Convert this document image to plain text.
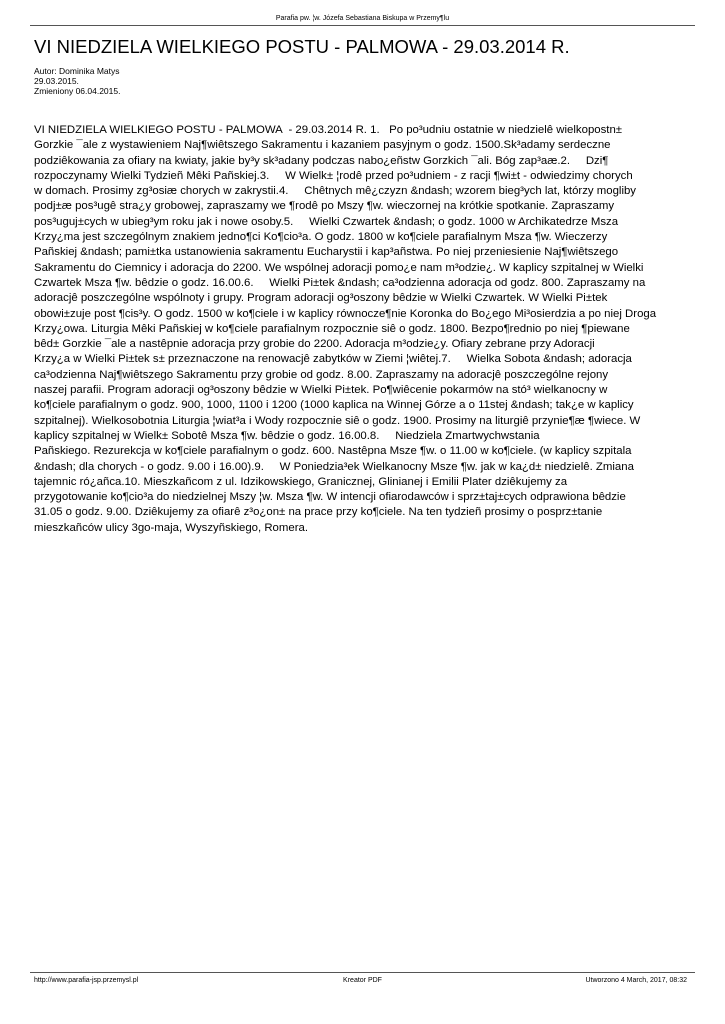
Parafia pw. ¦w. Józefa Sebastiana Biskupa w Przemy¶lu
VI NIEDZIELA WIELKIEGO POSTU - PALMOWA - 29.03.2014 R.
Autor: Dominika Matys
29.03.2015.
Zmieniony 06.04.2015.

VI NIEDZIELA WIELKIEGO POSTU - PALMOWA  - 29.03.2014 R. 1.   Po po³udniu ostatnie w niedzielê wielkopostn±
Gorzkie ¯ale z wystawieniem Naj¶wiêtszego Sakramentu i kazaniem pasyjnym o godz. 1500.Sk³adamy serdeczne
podziêkowania za ofiary na kwiaty, jakie by³y sk³adany podczas nabo¿eñstw Gorzkich ¯ali. Bóg zap³aæ.2.     Dzi¶
rozpoczynamy Wielki Tydzieñ Mêki Pañskiej.3.     W Wielk± ¦rodê przed po³udniem - z racji ¶wi±t - odwiedzimy chorych
w domach. Prosimy zg³osiæ chorych w zakrystii.4.     Chêtnych mê¿czyzn &ndash; wzorem bieg³ych lat, którzy mogliby
podj±æ pos³ugê stra¿y grobowej, zapraszamy we ¶rodê po Mszy ¶w. wieczornej na krótkie spotkanie. Zapraszamy
pos³uguj±cych w ubieg³ym roku jak i nowe osoby.5.     Wielki Czwartek &ndash; o godz. 1000 w Archikatedrze Msza
Krzy¿ma jest szczególnym znakiem jedno¶ci Ko¶cio³a. O godz. 1800 w ko¶ciele parafialnym Msza ¶w. Wieczerzy
Pañskiej &ndash; pami±tka ustanowienia sakramentu Eucharystii i kap³añstwa. Po niej przeniesienie Naj¶wiêtszego
Sakramentu do Ciemnicy i adoracja do 2200. We wspólnej adoracji pomo¿e nam m³odzie¿. W kaplicy szpitalnej w Wielki
Czwartek Msza ¶w. bêdzie o godz. 16.00.6.     Wielki Pi±tek &ndash; ca³odzienna adoracja od godz. 800. Zapraszamy na
adoracjê poszczególne wspólnoty i grupy. Program adoracji og³oszony bêdzie w Wielki Czwartek. W Wielki Pi±tek
obowi±zuje post ¶cis³y. O godz. 1500 w ko¶ciele i w kaplicy równocze¶nie Koronka do Bo¿ego Mi³osierdzia a po niej Droga
Krzy¿owa. Liturgia Mêki Pañskiej w ko¶ciele parafialnym rozpocznie siê o godz. 1800. Bezpo¶rednio po niej ¶piewane
bêd± Gorzkie ¯ale a nastêpnie adoracja przy grobie do 2200. Adoracja m³odzie¿y. Ofiary zebrane przy Adoracji
Krzy¿a w Wielki Pi±tek s± przeznaczone na renowacjê zabytków w Ziemi ¦wiêtej.7.     Wielka Sobota &ndash; adoracja
ca³odzienna Naj¶wiêtszego Sakramentu przy grobie od godz. 8.00. Zapraszamy na adoracjê poszczególne rejony
naszej parafii. Program adoracji og³oszony bêdzie w Wielki Pi±tek. Po¶wiêcenie pokarmów na stó³ wielkanocny w
ko¶ciele parafialnym o godz. 900, 1000, 1100 i 1200 (1000 kaplica na Winnej Górze a o 11stej &ndash; tak¿e w kaplicy
szpitalnej). Wielkosobotnia Liturgia ¦wiat³a i Wody rozpocznie siê o godz. 1900. Prosimy na liturgiê przynie¶æ ¶wiece. W
kaplicy szpitalnej w Wielk± Sobotê Msza ¶w. bêdzie o godz. 16.00.8.     Niedziela Zmartwychwstania
Pañskiego. Rezurekcja w ko¶ciele parafialnym o godz. 600. Nastêpna Msze ¶w. o 11.00 w ko¶ciele. (w kaplicy szpitala
&ndash; dla chorych - o godz. 9.00 i 16.00).9.     W Poniedzia³ek Wielkanocny Msze ¶w. jak w ka¿d± niedzielê. Zmiana
tajemnic ró¿añca.10. Mieszkañcom z ul. Idzikowskiego, Granicznej, Glinianej i Emilii Plater dziêkujemy za
przygotowanie ko¶cio³a do niedzielnej Mszy ¦w. Msza ¶w. W intencji ofiarodawców i sprz±taj±cych odprawiona bêdzie
31.05 o godz. 9.00. Dziêkujemy za ofiarê z³o¿on± na prace przy ko¶ciele. Na ten tydzieñ prosimy o posprz±tanie
mieszkañców ulicy 3go-maja, Wyszyñskiego, Romera.

http://www.parafia-jsp.przemysl.pl	Kreator PDF	Utworzono 4 March, 2017, 08:32
